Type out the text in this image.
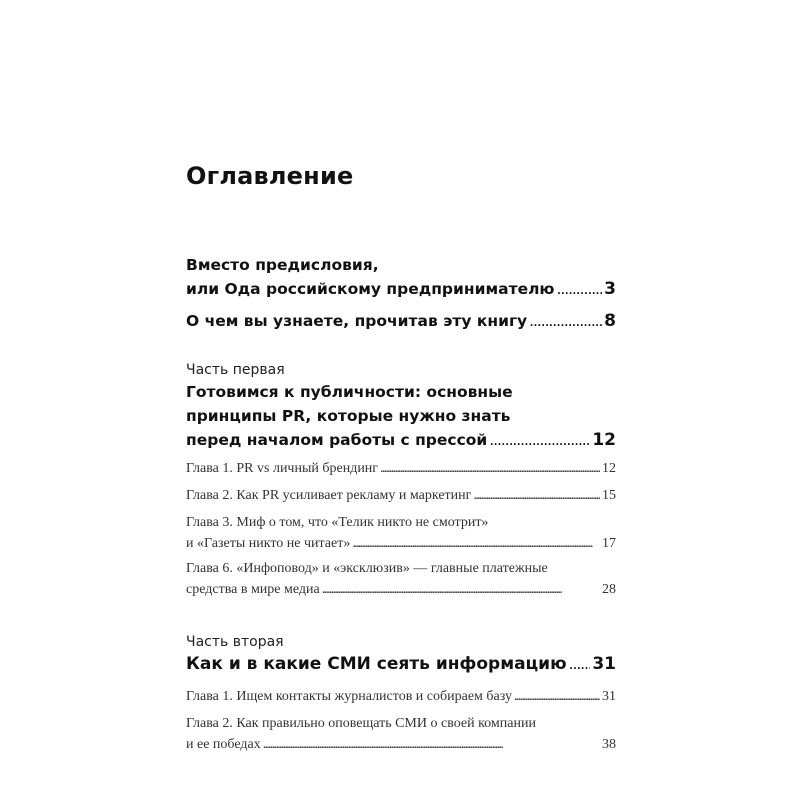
Оглавление
Вместо предисловия,
или Ода российскому предпринимателю . . .	3
О чем вы узнаете, прочитав эту книгу . . .	8
Часть первая
Готовимся к публичности: основные
принципы PR, которые нужно знать
перед началом работы с прессой . . .	12
Глава 1. PR vs личный брендинг . . .	12
Глава 2. Как PR усиливает рекламу и маркетинг . . .	15
Глава 3. Миф о том, что «Телик никто не смотрит»
и «Газеты никто не читает» . . .	17
Глава 6. «Инфоповод» и «эксклюзив» — главные платежные
средства в мире медиа . . .	28
Часть вторая
Как и в какие СМИ сеять информацию . . . 31
Глава 1. Ищем контакты журналистов и собираем базу . . .	31
Глава 2. Как правильно оповещать СМИ о своей компании
и ее победах . . .	38
